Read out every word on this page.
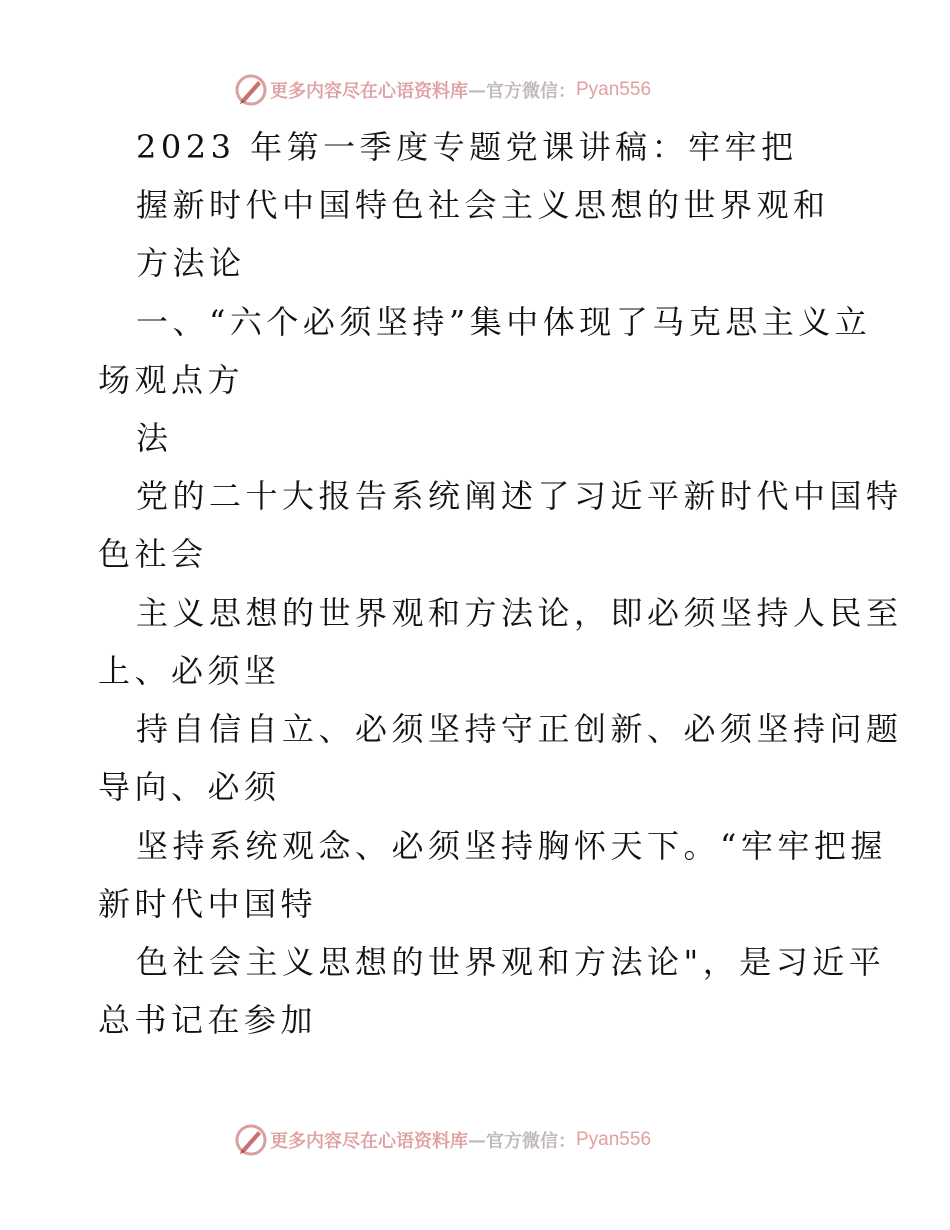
更多内容尽在心语资料库 — 官方微信： Pyan556
2023 年第一季度专题党课讲稿：牢牢把
握新时代中国特色社会主义思想的世界观和
方法论
一、“六个必须坚持”集中体现了马克思主义立
场观点方
法
党的二十大报告系统阐述了习近平新时代中国特
色社会
主义思想的世界观和方法论，即必须坚持人民至
上、必须坚
持自信自立、必须坚持守正创新、必须坚持问题
导向、必须
坚持系统观念、必须坚持胸怀天下。“牢牢把握
新时代中国特
色社会主义思想的世界观和方法论"，是习近平
总书记在参加
更多内容尽在心语资料库 — 官方微信： Pyan556
